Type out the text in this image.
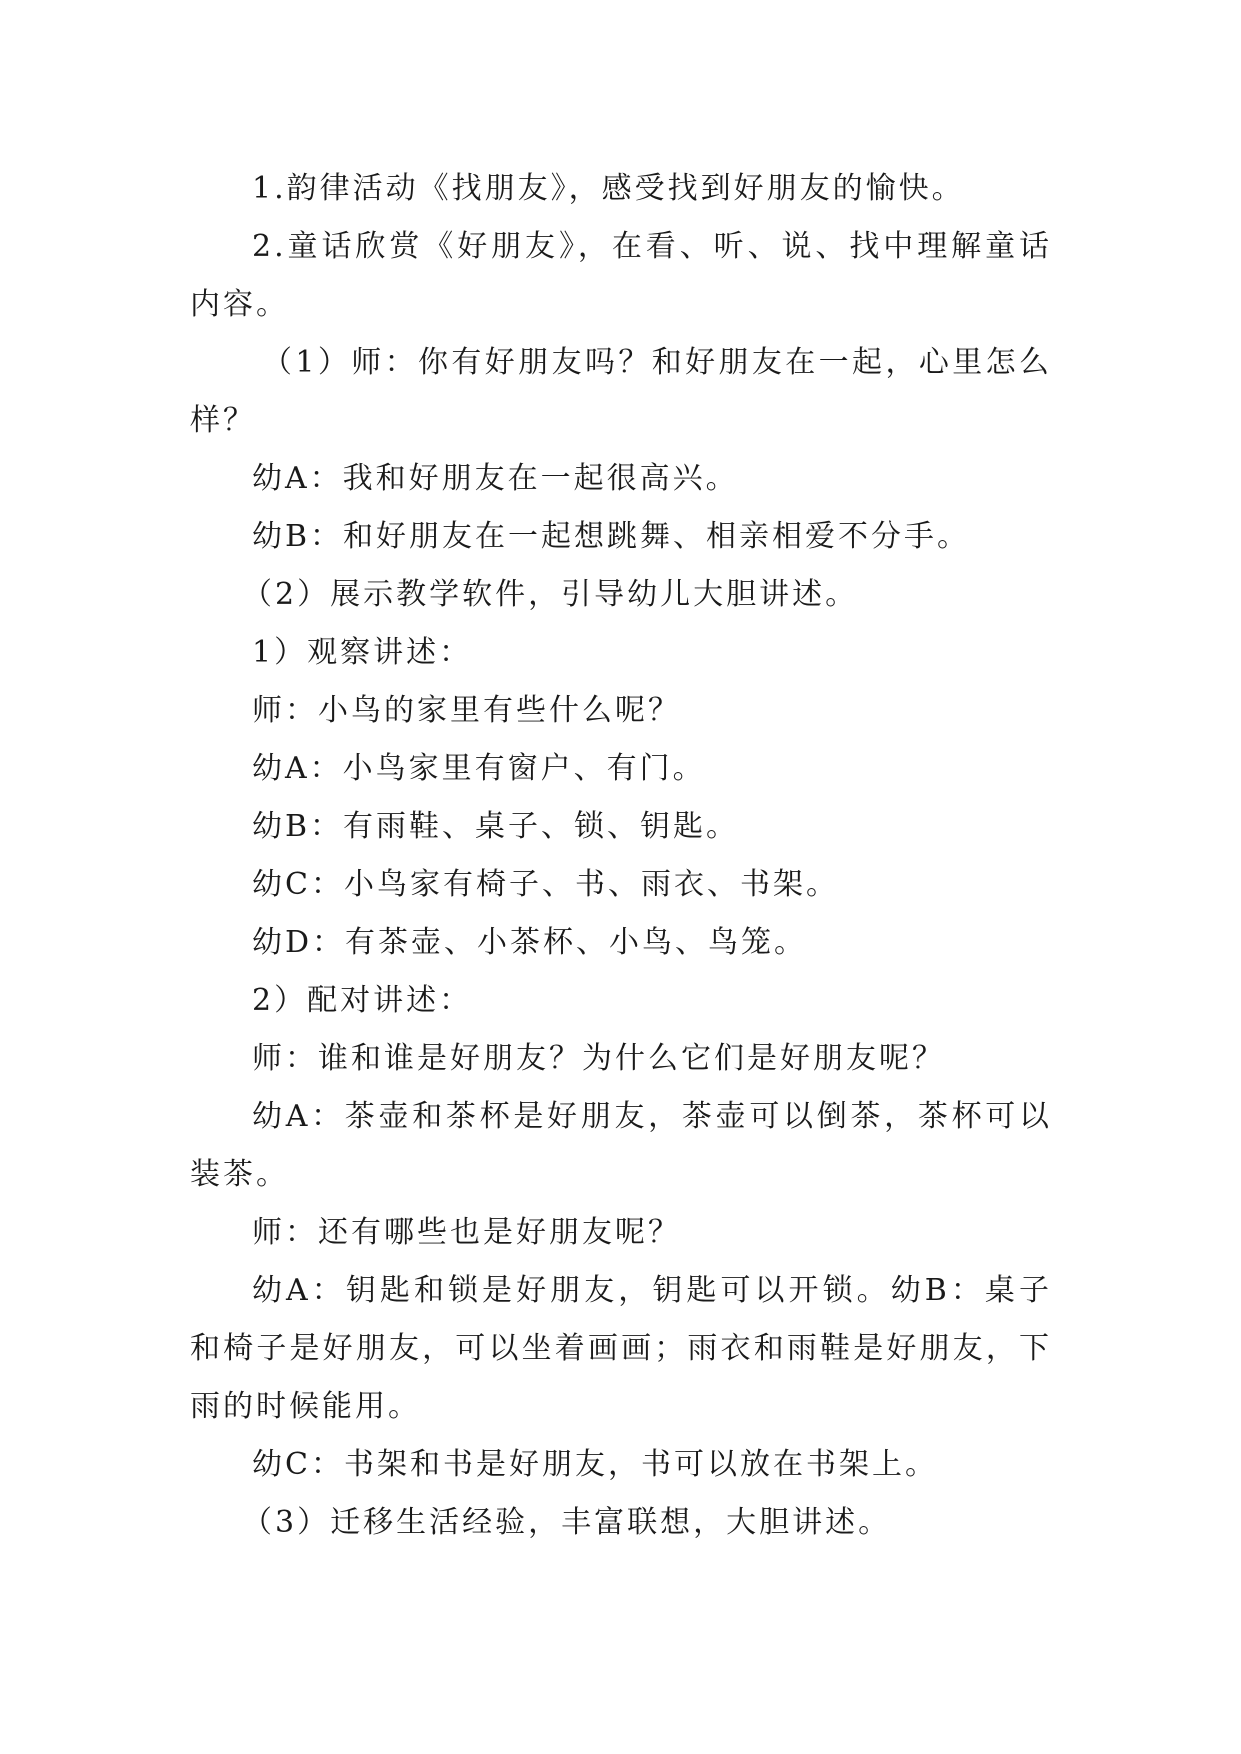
1.韵律活动《找朋友》，感受找到好朋友的愉快。

2.童话欣赏《好朋友》，在看、听、说、找中理解童话内容。

（1）师：你有好朋友吗？和好朋友在一起，心里怎么样？

幼A：我和好朋友在一起很高兴。

幼B：和好朋友在一起想跳舞、相亲相爱不分手。

（2）展示教学软件，引导幼儿大胆讲述。

1）观察讲述：

师：小鸟的家里有些什么呢？

幼A：小鸟家里有窗户、有门。

幼B：有雨鞋、桌子、锁、钥匙。

幼C：小鸟家有椅子、书、雨衣、书架。

幼D：有茶壶、小茶杯、小鸟、鸟笼。

2）配对讲述：

师：谁和谁是好朋友？为什么它们是好朋友呢？

幼A：茶壶和茶杯是好朋友，茶壶可以倒茶，茶杯可以装茶。

师：还有哪些也是好朋友呢？

幼A：钥匙和锁是好朋友，钥匙可以开锁。幼B：桌子和椅子是好朋友，可以坐着画画；雨衣和雨鞋是好朋友，下雨的时候能用。

幼C：书架和书是好朋友，书可以放在书架上。

（3）迁移生活经验，丰富联想，大胆讲述。
